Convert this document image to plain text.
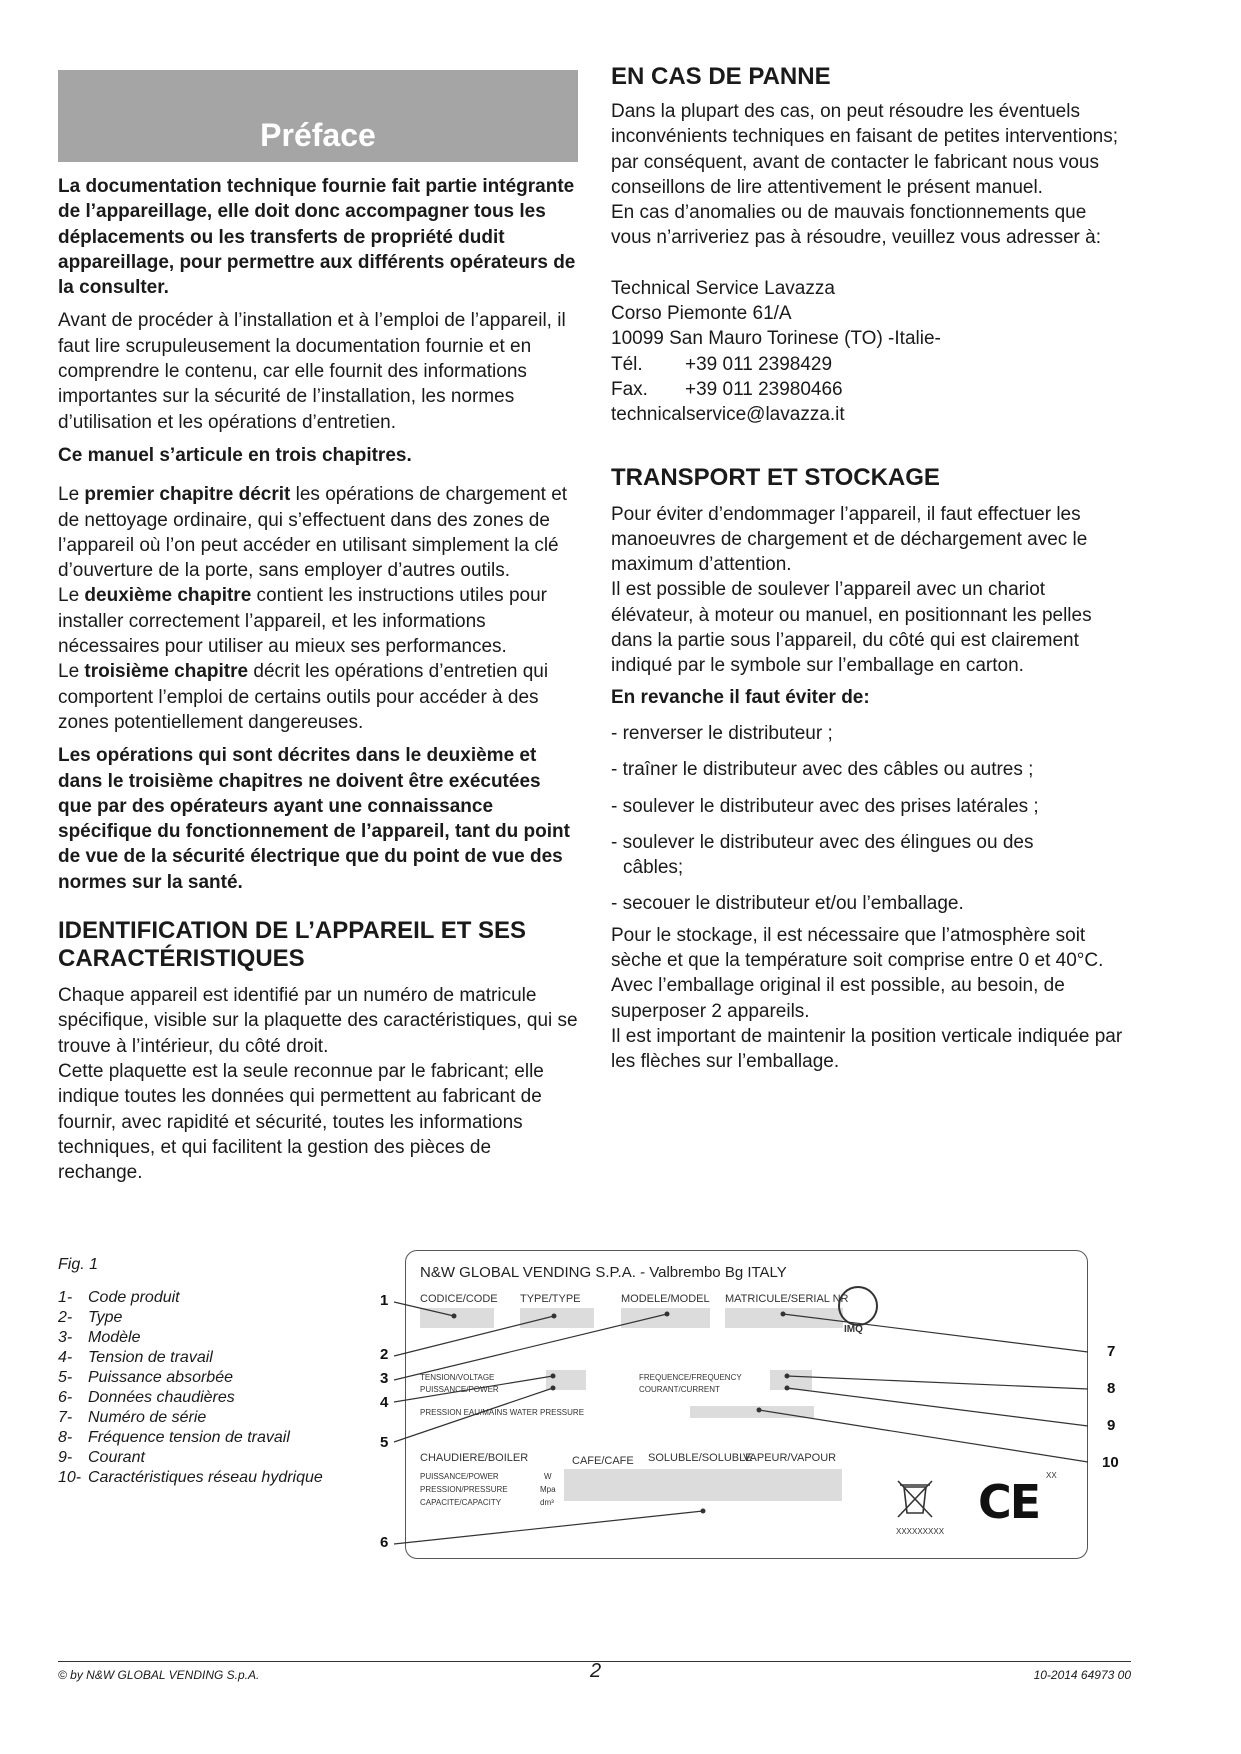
Préface

La documentation technique fournie fait partie intégrante de l’appareillage, elle doit donc accompagner tous les déplacements ou les transferts de propriété dudit appareillage, pour permettre aux différents opérateurs de la consulter.

Avant de procéder à l’installation et à l’emploi de l’appareil, il faut lire scrupuleusement la documentation fournie et en comprendre le contenu, car elle fournit des informations importantes sur la sécurité de l’installation, les normes d’utilisation et les opérations d’entretien.

Ce manuel s’articule en trois chapitres.

Le premier chapitre décrit les opérations de chargement et de nettoyage ordinaire, qui s’effectuent dans des zones de l’appareil où l’on peut accéder en utilisant simplement la clé d’ouverture de la porte, sans employer d’autres outils.

Le deuxième chapitre contient les instructions utiles pour installer correctement l’appareil, et les informations nécessaires pour utiliser au mieux ses performances.

Le troisième chapitre décrit les opérations d’entretien qui comportent l’emploi de certains outils pour accéder à des zones potentiellement dangereuses.

Les opérations qui sont décrites dans le deuxième et dans le troisième chapitres ne doivent être exécutées que par des opérateurs ayant une connaissance spécifique du fonctionnement de l’appareil, tant du point de vue de la sécurité électrique que du point de vue des normes sur la santé.

IDENTIFICATION DE L’APPAREIL ET SES CARACTÉRISTIQUES

Chaque appareil est identifié par un numéro de matricule spécifique, visible sur la plaquette des caractéristiques, qui se trouve à l’intérieur, du côté droit.

Cette plaquette est la seule reconnue par le fabricant; elle indique toutes les données qui permettent au fabricant de fournir, avec rapidité et sécurité, toutes les informations techniques, et qui facilitent la gestion des pièces de rechange.

EN CAS DE PANNE

Dans la plupart des cas, on peut résoudre les éventuels inconvénients techniques en faisant de petites interventions; par conséquent, avant de contacter le fabricant nous vous conseillons de lire attentivement le présent manuel.

En cas d’anomalies ou de mauvais fonctionnements que vous n’arriveriez pas à résoudre, veuillez vous adresser à:

Technical Service Lavazza
Corso Piemonte 61/A
10099 San Mauro Torinese (TO) -Italie-
Tél. +39 011 2398429
Fax. +39 011 23980466
technicalservice@lavazza.it
TRANSPORT ET STOCKAGE

Pour éviter d’endommager l’appareil, il faut effectuer les manoeuvres de chargement et de déchargement avec le maximum d’attention.

Il est possible de soulever l’appareil avec un chariot élévateur, à moteur ou manuel, en positionnant les pelles dans la partie sous l’appareil, du côté qui est clairement indiqué par le symbole sur l’emballage en carton.

En revanche il faut éviter de:

- renverser le distributeur ;
- traîner le distributeur avec des câbles ou autres ;
- soulever le distributeur avec des prises latérales ;
- soulever le distributeur avec des élingues ou des
câbles;
- secouer le distributeur et/ou l’emballage.

Pour le stockage, il est nécessaire que l’atmosphère soit sèche et que la température soit comprise entre 0 et 40°C.

Avec l’emballage original il est possible, au besoin, de superposer 2 appareils.

Il est important de maintenir la position verticale indiquée par les flèches sur l’emballage.

Fig. 1
1- Code produit
2- Type
3- Modèle
4- Tension de travail
5- Puissance absorbée
6- Données chaudières
7- Numéro de série
8- Fréquence tension de travail
9- Courant
10- Caractéristiques réseau hydrique
N&W GLOBAL VENDING S.P.A. - Valbrembo Bg ITALY
CODICE/CODE TYPE/TYPE	MODELE/MODEL MATRICULE/SERIAL NR
TENSION/VOLTAGE
PUISSANCE/POWER
FREQUENCE/FREQUENCY
COURANT/CURRENT
PRESSION EAU/MAINS WATER PRESSURE
CHAUDIERE/BOILER	CAFE/CAFE SOLUBLE/SOLUBLE
VAPEUR/VAPOUR
PUISSANCE/POWER
PRESSION/PRESSURE
CAPACITE/CAPACITY
W
Mpa
dm³
IMQ
XXXXXXXXX
CE XX
1
2
3
4
5
6
7
8
9
10
© by N&W GLOBAL VENDING S.p.A.	2	10-2014 64973 00
